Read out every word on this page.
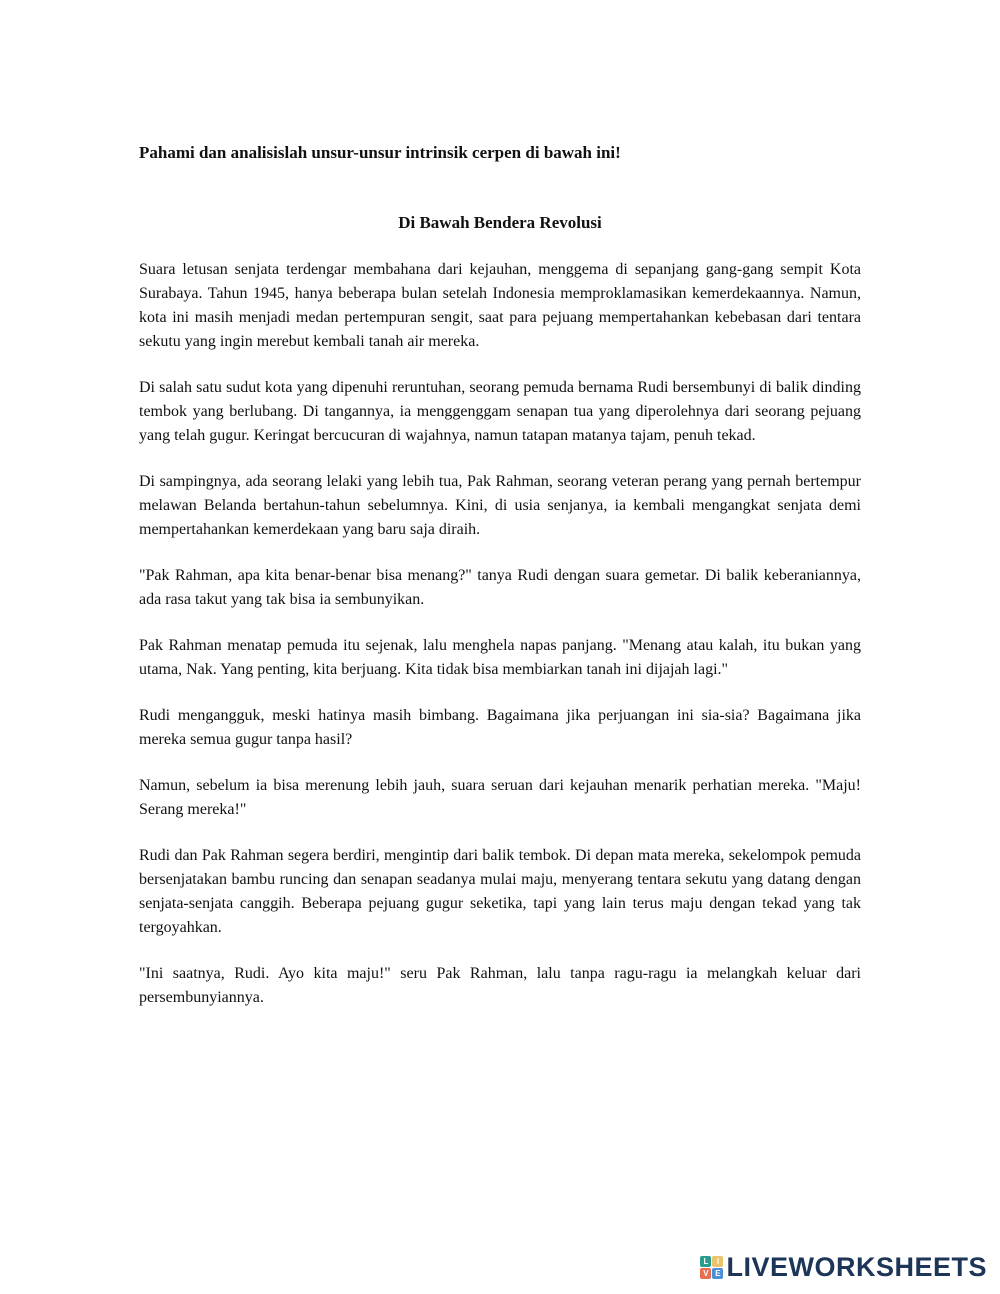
Pahami dan analisislah unsur-unsur intrinsik cerpen di bawah ini!
Di Bawah Bendera Revolusi

Suara letusan senjata terdengar membahana dari kejauhan, menggema di sepanjang gang-gang sempit Kota Surabaya. Tahun 1945, hanya beberapa bulan setelah Indonesia memproklamasikan kemerdekaannya. Namun, kota ini masih menjadi medan pertempuran sengit, saat para pejuang mempertahankan kebebasan dari tentara sekutu yang ingin merebut kembali tanah air mereka.

Di salah satu sudut kota yang dipenuhi reruntuhan, seorang pemuda bernama Rudi bersembunyi di balik dinding tembok yang berlubang. Di tangannya, ia menggenggam senapan tua yang diperolehnya dari seorang pejuang yang telah gugur. Keringat bercucuran di wajahnya, namun tatapan matanya tajam, penuh tekad.

Di sampingnya, ada seorang lelaki yang lebih tua, Pak Rahman, seorang veteran perang yang pernah bertempur melawan Belanda bertahun-tahun sebelumnya. Kini, di usia senjanya, ia kembali mengangkat senjata demi mempertahankan kemerdekaan yang baru saja diraih.

"Pak Rahman, apa kita benar-benar bisa menang?" tanya Rudi dengan suara gemetar. Di balik keberaniannya, ada rasa takut yang tak bisa ia sembunyikan.

Pak Rahman menatap pemuda itu sejenak, lalu menghela napas panjang. "Menang atau kalah, itu bukan yang utama, Nak. Yang penting, kita berjuang. Kita tidak bisa membiarkan tanah ini dijajah lagi."

Rudi mengangguk, meski hatinya masih bimbang. Bagaimana jika perjuangan ini sia-sia? Bagaimana jika mereka semua gugur tanpa hasil?

Namun, sebelum ia bisa merenung lebih jauh, suara seruan dari kejauhan menarik perhatian mereka. "Maju! Serang mereka!"

Rudi dan Pak Rahman segera berdiri, mengintip dari balik tembok. Di depan mata mereka, sekelompok pemuda bersenjatakan bambu runcing dan senapan seadanya mulai maju, menyerang tentara sekutu yang datang dengan senjata-senjata canggih. Beberapa pejuang gugur seketika, tapi yang lain terus maju dengan tekad yang tak tergoyahkan.

"Ini saatnya, Rudi. Ayo kita maju!" seru Pak Rahman, lalu tanpa ragu-ragu ia melangkah keluar dari persembunyiannya.

L	I
V E LIVEWORKSHEETS
